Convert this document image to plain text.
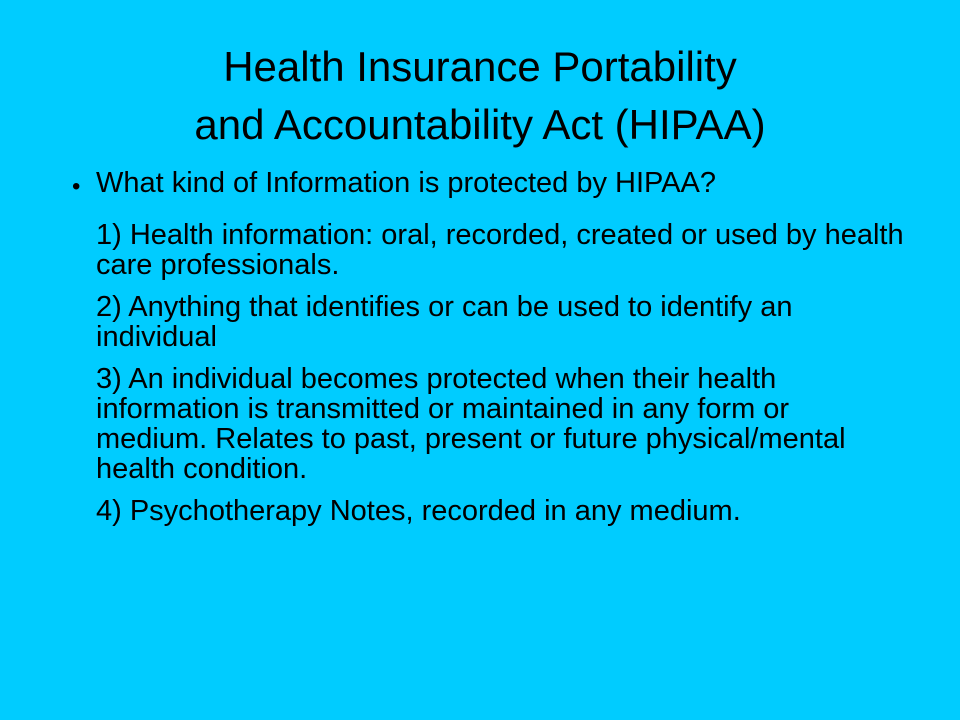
Health Insurance Portability
and Accountability Act (HIPAA)
• What kind of Information is protected by HIPAA?
1) Health information: oral, recorded, created or used by health care professionals.
2) Anything that identifies or can be used to identify an individual
3) An individual becomes protected when their health information is transmitted or maintained in any form or medium. Relates to past, present or future physical/mental health condition.
4) Psychotherapy Notes, recorded in any medium.
